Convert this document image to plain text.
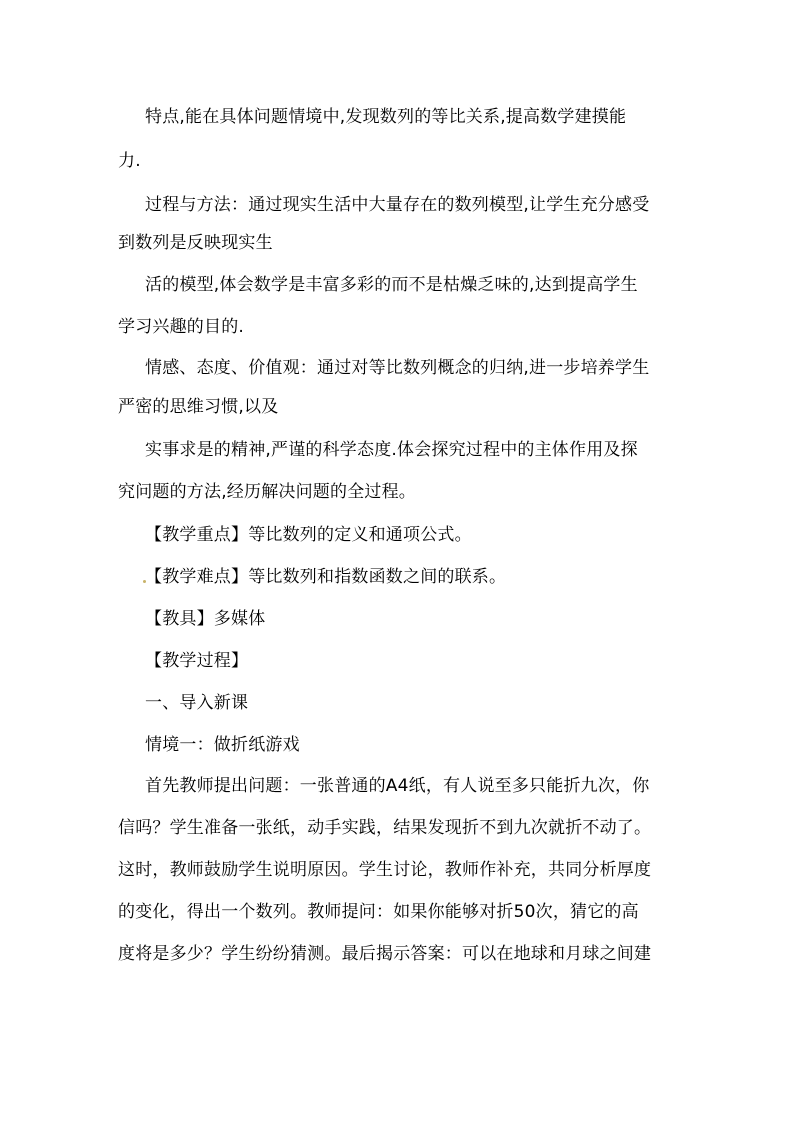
特点,能在具体问题情境中,发现数列的等比关系,提高数学建摸能
力.
过程与方法：通过现实生活中大量存在的数列模型,让学生充分感受
到数列是反映现实生
活的模型,体会数学是丰富多彩的而不是枯燥乏味的,达到提高学生
学习兴趣的目的.
情感、态度、价值观：通过对等比数列概念的归纳,进一步培养学生
严密的思维习惯,以及
实事求是的精神,严谨的科学态度.体会探究过程中的主体作用及探
究问题的方法,经历解决问题的全过程。
【教学重点】等比数列的定义和通项公式。
【教学难点】等比数列和指数函数之间的联系。
【教具】多媒体
【教学过程】
一、导入新课
情境一：做折纸游戏
首先教师提出问题：一张普通的A4纸，有人说至多只能折九次，你
信吗？学生准备一张纸，动手实践，结果发现折不到九次就折不动了。
这时，教师鼓励学生说明原因。学生讨论，教师作补充，共同分析厚度
的变化，得出一个数列。教师提问：如果你能够对折50次，猜它的高
度将是多少？学生纷纷猜测。最后揭示答案：可以在地球和月球之间建
